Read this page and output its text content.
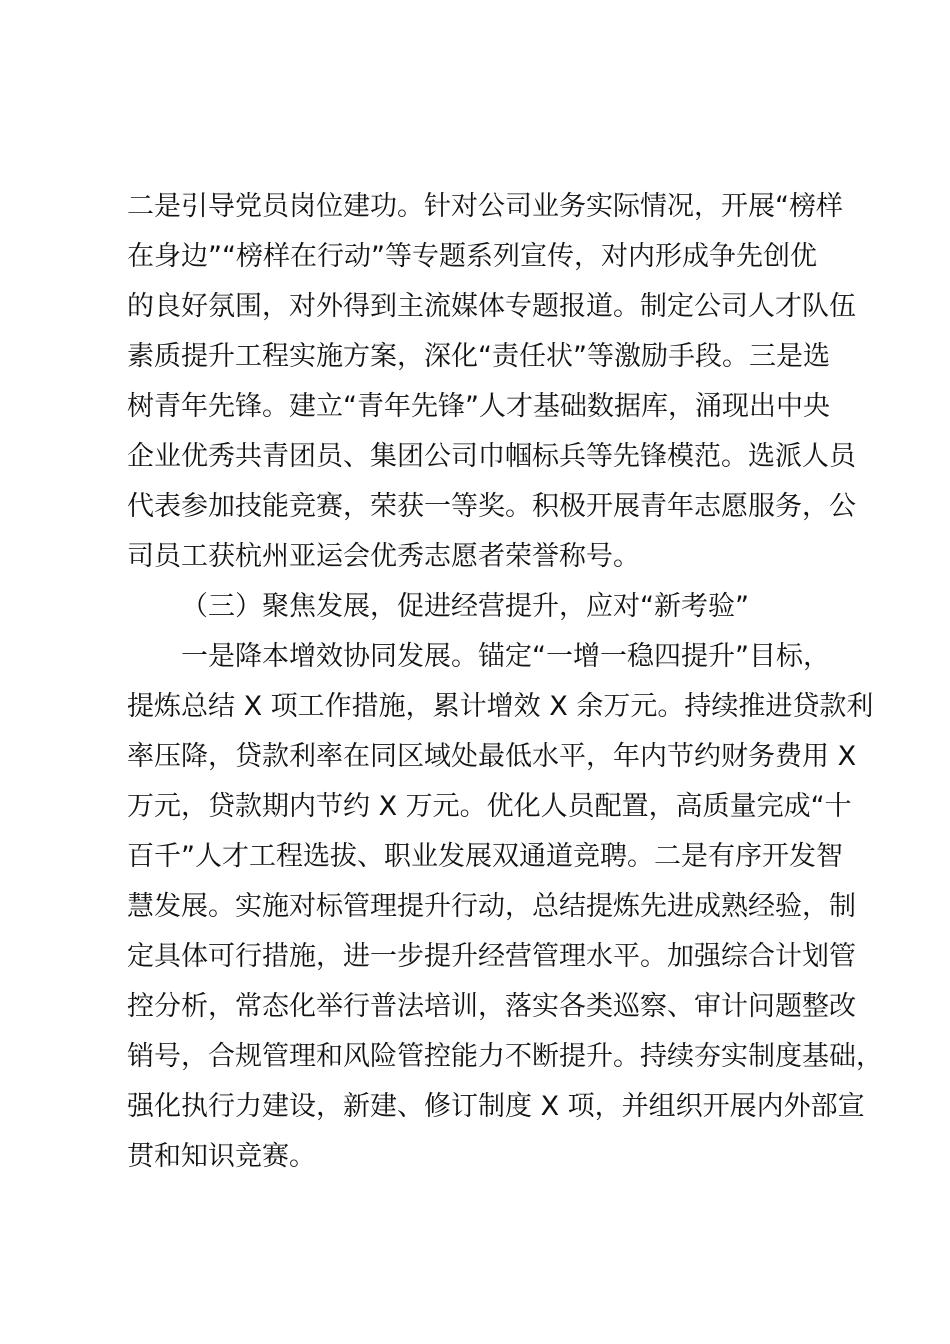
二是引导党员岗位建功。针对公司业务实际情况，开展“榜样
在身边”“榜样在行动”等专题系列宣传，对内形成争先创优
的良好氛围，对外得到主流媒体专题报道。制定公司人才队伍
素质提升工程实施方案，深化“责任状”等激励手段。三是选
树青年先锋。建立“青年先锋”人才基础数据库，涌现出中央
企业优秀共青团员、集团公司巾帼标兵等先锋模范。选派人员
代表参加技能竞赛，荣获一等奖。积极开展青年志愿服务，公
司员工获杭州亚运会优秀志愿者荣誉称号。
（三）聚焦发展，促进经营提升，应对“新考验”
一是降本增效协同发展。锚定“一增一稳四提升”目标，
提炼总结 X 项工作措施，累计增效 X 余万元。持续推进贷款利
率压降，贷款利率在同区域处最低水平，年内节约财务费用 X
万元，贷款期内节约 X 万元。优化人员配置，高质量完成“十
百千”人才工程选拔、职业发展双通道竞聘。二是有序开发智
慧发展。实施对标管理提升行动，总结提炼先进成熟经验，制
定具体可行措施，进一步提升经营管理水平。加强综合计划管
控分析，常态化举行普法培训，落实各类巡察、审计问题整改
销号，合规管理和风险管控能力不断提升。持续夯实制度基础，
强化执行力建设，新建、修订制度 X 项，并组织开展内外部宣
贯和知识竞赛。
